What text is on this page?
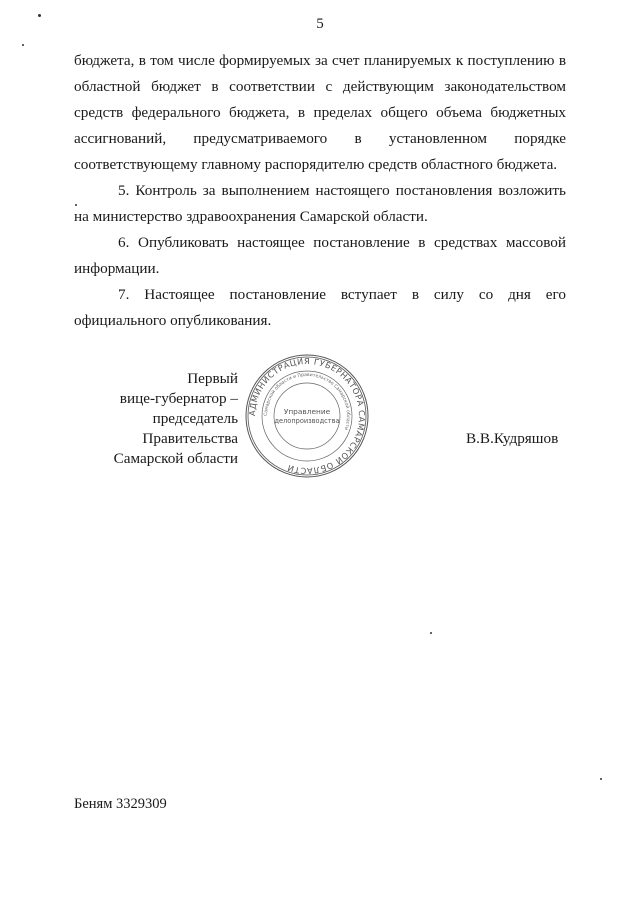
5

бюджета, в том числе формируемых за счет планируемых к поступлению в областной бюджет в соответствии с действующим законодательством средств федерального бюджета, в пределах общего объема бюджетных ассигнований, предусматриваемого в установленном порядке соответствующему главному распорядителю средств областного бюджета.

5. Контроль за выполнением настоящего постановления возложить на министерство здравоохранения Самарской области.

6. Опубликовать настоящее постановление в средствах массовой информации.

7. Настоящее постановление вступает в силу со дня его официального опубликования.

Первый
вице-губернатор –
председатель Правительства
Самарской области
АДМИНИСТРАЦИЯ ГУБЕРНАТОРА САМАРСКОЙ ОБЛАСТИ
Самарской области и Правительство Самарской области
Управление
делопроизводства
В.В.Кудряшов
Беням 3329309
